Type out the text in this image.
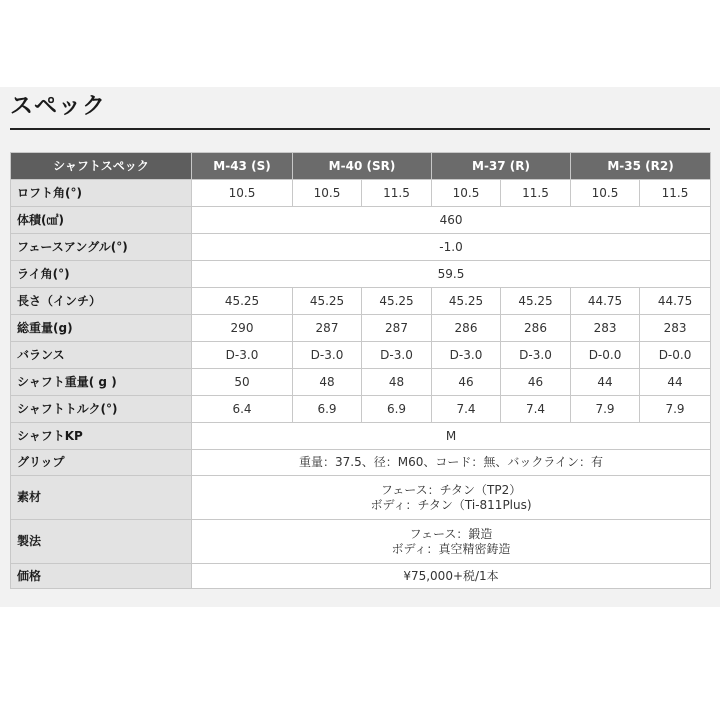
スペック
シャフトスペック	M-43 (S)	M-40 (SR)		M-37 (R)		M-35 (R2)	
ロフト角(°)	10.5	10.5	11.5	10.5	11.5	10.5	11.5
体積(㎤)	460						
フェースアングル(°)	-1.0						
ライ角(°)	59.5						
長さ（インチ）	45.25	45.25	45.25	45.25	45.25	44.75	44.75
総重量(g)	290	287	287	286	286	283	283
バランス	D-3.0	D-3.0	D-3.0	D-3.0	D-3.0	D-0.0	D-0.0
シャフト重量( g )	50	48	48	46	46	44	44
シャフトトルク(°)	6.4	6.9	6.9	7.4	7.4	7.9	7.9
シャフトKP	M						
グリップ	重量：37.5、径：M60、コード：無、バックライン：有						
素材	フェース：チタン（TP2）
ボディ：チタン（Ti-811Plus)						

製法	フェース：鍛造
ボディ：真空精密鋳造						

価格	¥75,000+税/1本						
